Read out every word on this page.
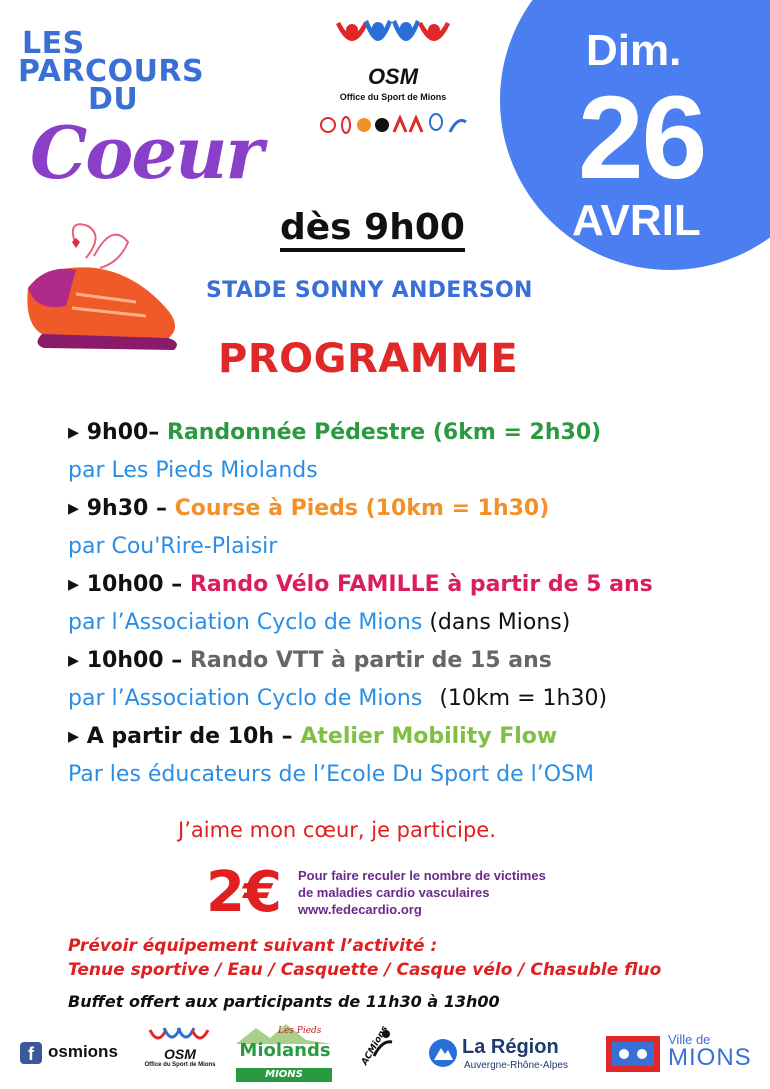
Dim.
26
AVRIL
LES
PARCOURS
DU
Coeur
OSM
Office du Sport de Mions
dès 9h00
STADE SONNY ANDERSON
PROGRAMME
▸ 9h00– Randonnée Pédestre (6km = 2h30)
par Les Pieds Miolands
▸ 9h30 – Course à Pieds (10km = 1h30)
par Cou'Rire-Plaisir
▸ 10h00 – Rando Vélo FAMILLE à partir de 5 ans
par l’Association Cyclo de Mions (dans Mions)
▸ 10h00 – Rando VTT à partir de 15 ans
par l’Association Cyclo de Mions (10km = 1h30)
▸ A partir de 10h – Atelier Mobility Flow
Par les éducateurs de l’Ecole Du Sport de l’OSM
J’aime mon cœur, je participe.
2€ Pour faire reculer le nombre de victimes
de maladies cardio vasculaires
www.fedecardio.org
Prévoir équipement suivant l’activité :
Tenue sportive / Eau / Casquette / Casque vélo / Chasuble fluo
Buffet offert aux participants de 11h30 à 13h00
f osmions	OSM
Office du Sport de Mions
Les Pieds
Miolands
MIONS
ACMions	La Région
Auvergne-Rhône-Alpes
Ville de
MIONS
